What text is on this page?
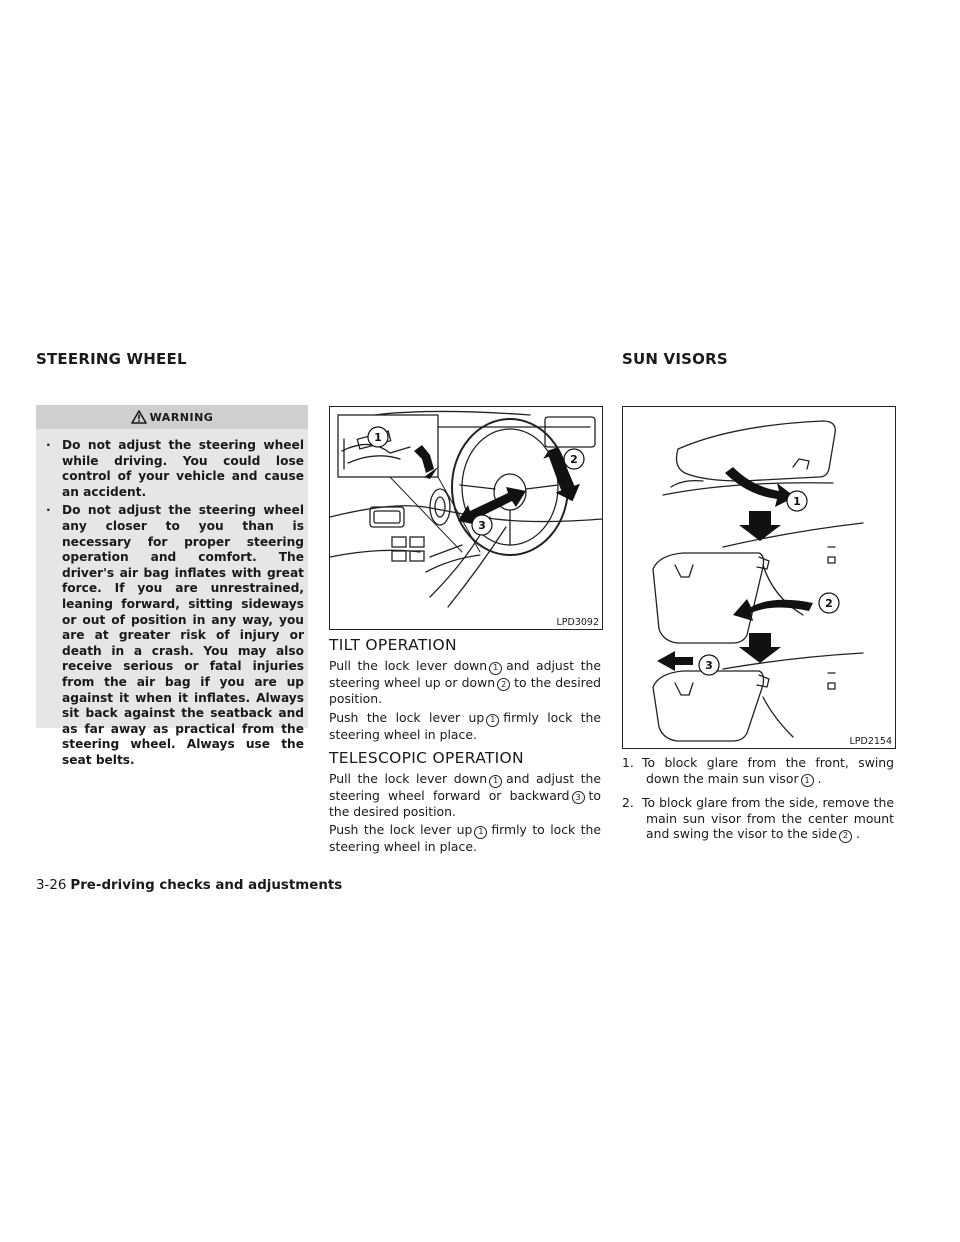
STEERING WHEEL	SUN VISORS
WARNING
· Do not adjust the steering wheel while driving. You could lose control of your vehicle and cause an accident.
· Do not adjust the steering wheel any closer to you than is necessary for proper steering operation and comfort. The driver's air bag inflates with great force. If you are unrestrained, leaning forward, sitting sideways or out of position in any way, you are at greater risk of injury or death in a crash. You may also receive serious or fatal injuries from the air bag if you are up against it when it inflates. Always sit back against the seatback and as far away as practical from the steering wheel. Always use the seat belts.
1
2
3
LPD3092
TILT OPERATION
Pull the lock lever down 1 and adjust the steering wheel up or down 2 to the desired position.
Push the lock lever up 1 firmly lock the steering wheel in place.
TELESCOPIC OPERATION
Pull the lock lever down 1 and adjust the steering wheel forward or backward 3 to the desired position.
Push the lock lever up 1 firmly to lock the steering wheel in place.
1
2
3
LPD2154
1. To block glare from the front, swing down the main sun visor 1 .
2. To block glare from the side, remove the main sun visor from the center mount and swing the visor to the side 2 .
3-26 Pre-driving checks and adjustments
